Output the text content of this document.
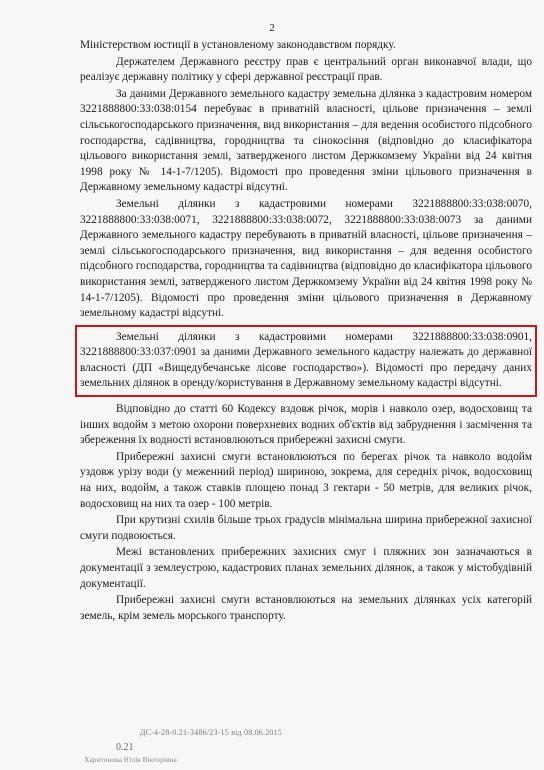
2

Міністерством юстиції в установленому законодавством порядку.

Держателем Державного реєстру прав є центральний орган виконавчої влади, що реалізує державну політику у сфері державної реєстрації прав.

За даними Державного земельного кадастру земельна ділянка з кадастровим номером 3221888800:33:038:0154 перебуває в приватній власності, цільове призначення – землі сільськогосподарського призначення, вид використання – для ведення особистого підсобного господарства, садівництва, городництва та сінокосіння (відповідно до класифікатора цільового використання землі, затвердженого листом Держкомзему України від 24 квітня 1998 року № 14-1-7/1205). Відомості про проведення зміни цільового призначення в Державному земельному кадастрі відсутні.

Земельні ділянки з кадастровими номерами 3221888800:33:038:0070, 3221888800:33:038:0071, 3221888800:33:038:0072, 3221888800:33:038:0073 за даними Державного земельного кадастру перебувають в приватній власності, цільове призначення – землі сільськогосподарського призначення, вид використання – для ведення особистого підсобного господарства, городництва та садівництва (відповідно до класифікатора цільового використання землі, затвердженого листом Держкомзему України від 24 квітня 1998 року № 14-1-7/1205). Відомості про проведення зміни цільового призначення в Державному земельному кадастрі відсутні.

Земельні ділянки з кадастровими номерами 3221888800:33:038:0901, 3221888800:33:037:0901 за даними Державного земельного кадастру належать до державної власності (ДП «Вищедубечанське лісове господарство»). Відомості про передачу даних земельних ділянок в оренду/користування в Державному земельному кадастрі відсутні.

Відповідно до статті 60 Кодексу вздовж річок, морів і навколо озер, водосховищ та інших водойм з метою охорони поверхневих водних об'єктів від забруднення і засмічення та збереження їх водності встановлюються прибережні захисні смуги.

Прибережні захисні смуги встановлюються по берегах річок та навколо водойм уздовж урізу води (у меженний період) шириною, зокрема, для середніх річок, водосховищ на них, водойм, а також ставків площею понад 3 гектари - 50 метрів, для великих річок, водосховищ на них та озер - 100 метрів.

При крутизні схилів більше трьох градусів мінімальна ширина прибережної захисної смуги подвоюється.

Межі встановлених прибережних захисних смуг і пляжних зон зазначаються в документації з землеустрою, кадастрових планах земельних ділянок, а також у містобудівній документації.

Прибережні захисні смуги встановлюються на земельних ділянках усіх категорій земель, крім земель морського транспорту.

ДС-4-28-0.21-3486/23-15 від 08.06.2015
0.21
Харитонова Юлія Вікторівна
